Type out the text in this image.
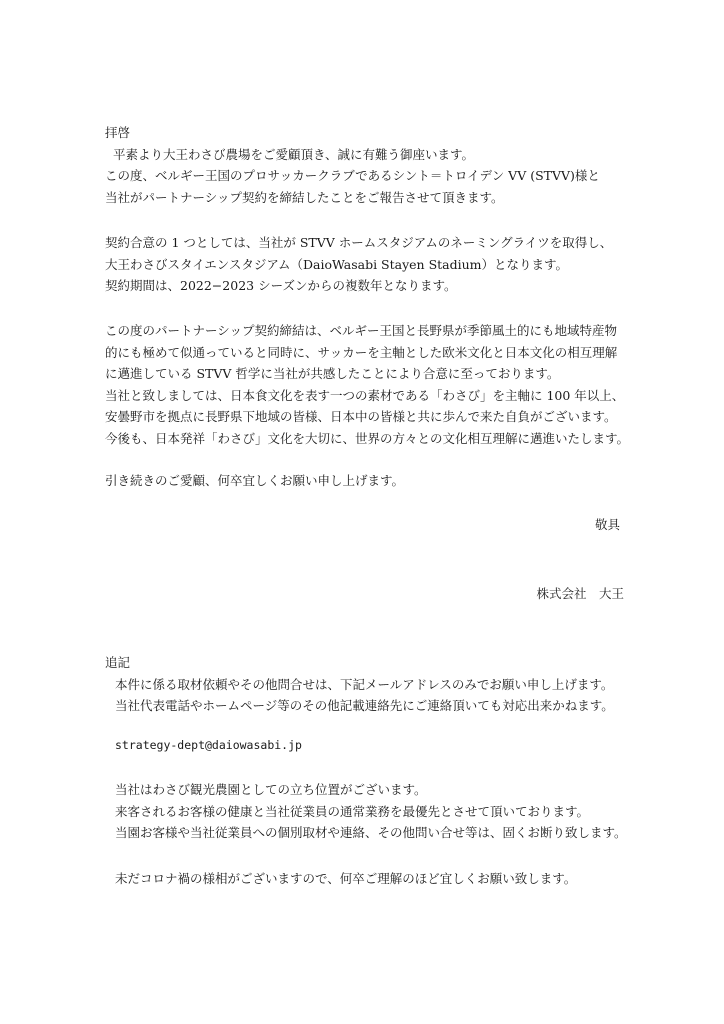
拝啓
平素より大王わさび農場をご愛顧頂き、誠に有難う御座います。
この度、ベルギー王国のプロサッカークラブであるシント＝トロイデン VV (STVV)様と
当社がパートナーシップ契約を締結したことをご報告させて頂きます。
契約合意の 1 つとしては、当社が STVV ホームスタジアムのネーミングライツを取得し、
大王わさびスタイエンスタジアム（DaioWasabi Stayen Stadium）となります。
契約期間は、2022−2023 シーズンからの複数年となります。
この度のパートナーシップ契約締結は、ベルギー王国と長野県が季節風土的にも地域特産物
的にも極めて似通っていると同時に、サッカーを主軸とした欧米文化と日本文化の相互理解
に邁進している STVV 哲学に当社が共感したことにより合意に至っております。
当社と致しましては、日本食文化を表す一つの素材である「わさび」を主軸に 100 年以上、
安曇野市を拠点に長野県下地域の皆様、日本中の皆様と共に歩んで来た自負がございます。
今後も、日本発祥「わさび」文化を大切に、世界の方々との文化相互理解に邁進いたします。
引き続きのご愛顧、何卒宜しくお願い申し上げます。
敬具
株式会社　大王
追記
本件に係る取材依頼やその他問合せは、下記メールアドレスのみでお願い申し上げます。
当社代表電話やホームページ等のその他記載連絡先にご連絡頂いても対応出来かねます。
strategy-dept@daiowasabi.jp
当社はわさび観光農園としての立ち位置がございます。
来客されるお客様の健康と当社従業員の通常業務を最優先とさせて頂いております。
当園お客様や当社従業員への個別取材や連絡、その他問い合せ等は、固くお断り致します。
未だコロナ禍の様相がございますので、何卒ご理解のほど宜しくお願い致します。
